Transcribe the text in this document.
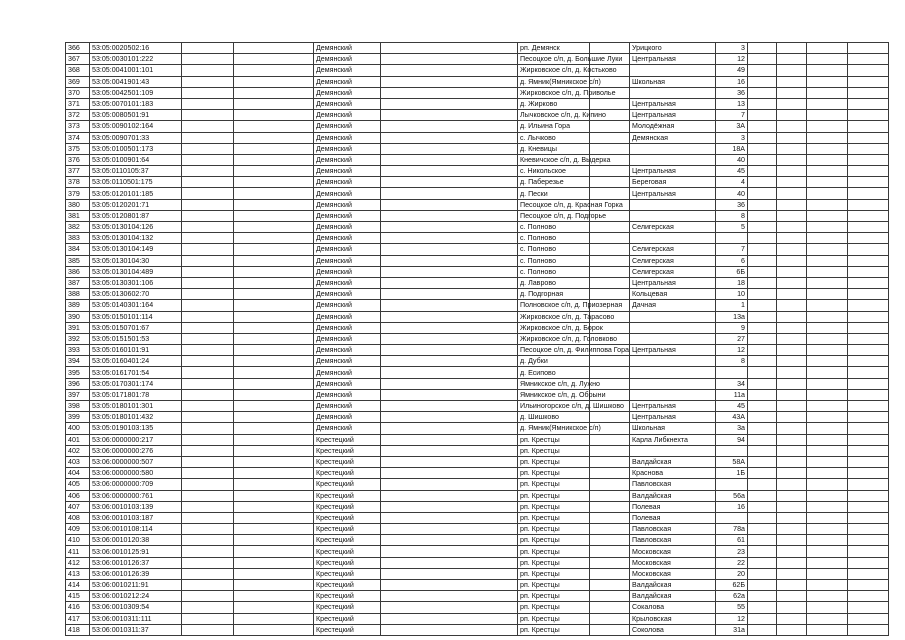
366	53:05:0020502:16			Демянский		рп. Демянск		Урицкого	3				
367	53:05:0030101:222			Демянский		Песоцкое с/п, д. Большие Луки		Центральная	12				
368	53:05:0041001:101			Демянский		Жирковское с/п, д. Костьково			49				
369	53:05:0041901:43			Демянский		д. Ямник(Ямникское с/п)		Школьная	16				
370	53:05:0042501:109			Демянский		Жирковское с/п, д. Приволье			36				
371	53:05:0070101:183			Демянский		д. Жирково		Центральная	13				
372	53:05:0080501:91			Демянский		Лычковское с/п, д. Кипино		Центральная	7				
373	53:05:0090102:164			Демянский		д. Ильина Гора		Молодёжная	3А				
374	53:05:0090701:33			Демянский		с. Лычково		Демянская	3				
375	53:05:0100501:173			Демянский		д. Кневицы			18А				
376	53:05:0100901:64			Демянский		Кневичское с/п, д. Выдерка			40				
377	53:05:0110105:37			Демянский		с. Никольское		Центральная	45				
378	53:05:0110501:175			Демянский		д. Паберезье		Береговая	4				
379	53:05:0120101:185			Демянский		д. Пески		Центральная	40				
380	53:05:0120201:71			Демянский		Песоцкое с/п, д. Красная Горка			36				
381	53:05:0120801:87			Демянский		Песоцкое с/п, д. Подгорье			8				
382	53:05:0130104:126			Демянский		с. Полново		Селигерская	5				
383	53:05:0130104:132			Демянский		с. Полново							
384	53:05:0130104:149			Демянский		с. Полново		Селигерская	7				
385	53:05:0130104:30			Демянский		с. Полново		Селигерская	6				
386	53:05:0130104:489			Демянский		с. Полново		Селигерская	6Б				
387	53:05:0130301:106			Демянский		д. Лаврово		Центральная	18				
388	53:05:0130602:70			Демянский		д. Подгорная		Кольцевая	10				
389	53:05:0140301:164			Демянский		Полновское с/п, д. Приозерная		Дачная	1				
390	53:05:0150101:114			Демянский		Жирковское с/п, д. Тарасово			13а				
391	53:05:0150701:67			Демянский		Жирковское с/п, д. Борок			9				
392	53:05:0151501:53			Демянский		Жирковское с/п, д. Головково			27				
393	53:05:0160101:91			Демянский		Песоцкое с/п, д. Филиппова Гора		Центральная	12				
394	53:05:0160401:24			Демянский		д. Дубки			8				
395	53:05:0161701:54			Демянский		д. Есипово							
396	53:05:0170301:174			Демянский		Ямникское с/п, д. Лужно			34				
397	53:05:0171801:78			Демянский		Ямникское с/п, д. Обрыни			11а				
398	53:05:0180101:301			Демянский		Ильиногорское с/п, д. Шишково		Центральная	45				
399	53:05:0180101:432			Демянский		д. Шишково		Центральная	43А				
400	53:05:0190103:135			Демянский		д. Ямник(Ямникское с/п)		Школьная	3а				
401	53:06:0000000:217			Крестецкий		рп. Крестцы		Карла Либкнехта	94				
402	53:06:0000000:276			Крестецкий		рп. Крестцы							
403	53:06:0000000:507			Крестецкий		рп. Крестцы		Валдайская	58А				
404	53:06:0000000:580			Крестецкий		рп. Крестцы		Краснова	1Б				
405	53:06:0000000:709			Крестецкий		рп. Крестцы		Павловская					
406	53:06:0000000:761			Крестецкий		рп. Крестцы		Валдайская	56а				
407	53:06:0010103:139			Крестецкий		рп. Крестцы		Полевая	16				
408	53:06:0010103:187			Крестецкий		рп. Крестцы		Полевая					
409	53:06:0010108:114			Крестецкий		рп. Крестцы		Павловская	78а				
410	53:06:0010120:38			Крестецкий		рп. Крестцы		Павловская	61				
411	53:06:0010125:91			Крестецкий		рп. Крестцы		Московская	23				
412	53:06:0010126:37			Крестецкий		рп. Крестцы		Московская	22				
413	53:06:0010126:39			Крестецкий		рп. Крестцы		Московская	20				
414	53:06:0010211:91			Крестецкий		рп. Крестцы		Валдайская	62Б				
415	53:06:0010212:24			Крестецкий		рп. Крестцы		Валдайская	62а				
416	53:06:0010309:54			Крестецкий		рп. Крестцы		Сокалова	55				
417	53:06:0010311:111			Крестецкий		рп. Крестцы		Крыловская	12				
418	53:06:0010311:37			Крестецкий		рп. Крестцы		Соколова	31а				
